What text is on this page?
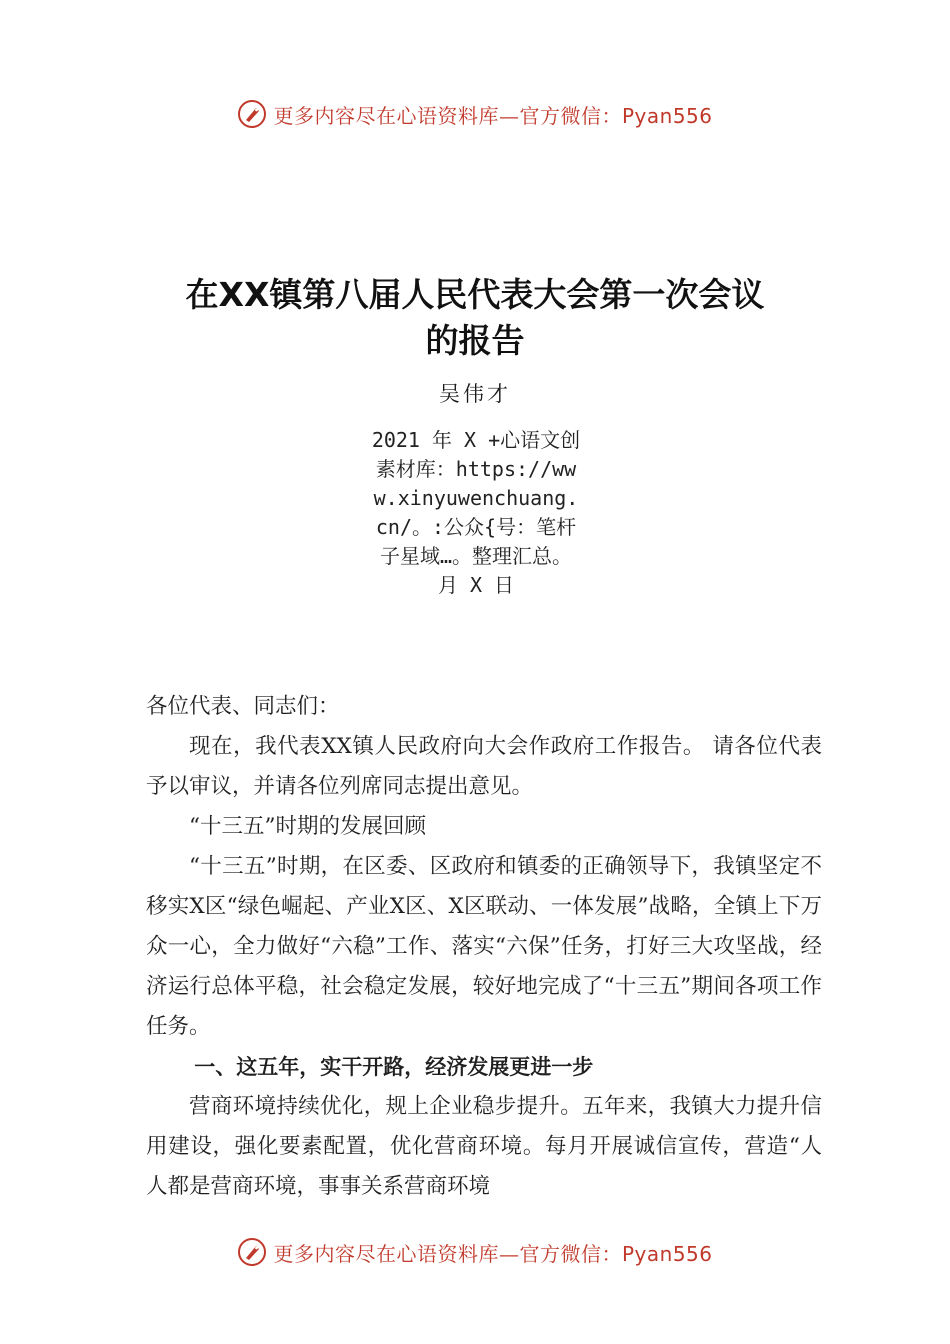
更多内容尽在心语资料库—官方微信：Pyan556
在XX镇第八届人民代表大会第一次会议
的报告
吴伟才
2021 年 X +心语文创素材库：https://www.xinyuwenchuang.cn/。:公众{号：笔杆子星域…。整理汇总。月 X 日

各位代表、同志们：

现在，我代表XX镇人民政府向大会作政府工作报告。 请各位代表予以审议，并请各位列席同志提出意见。

“十三五”时期的发展回顾

“十三五”时期，在区委、区政府和镇委的正确领导下，我镇坚定不移实X区“绿色崛起、产业X区、X区联动、一体发展”战略，全镇上下万众一心，全力做好“六稳”工作、落实“六保”任务，打好三大攻坚战，经济运行总体平稳，社会稳定发展，较好地完成了“十三五”期间各项工作任务。

一、这五年，实干开路，经济发展更进一步

营商环境持续优化，规上企业稳步提升。五年来，我镇大力提升信用建设，强化要素配置，优化营商环境。每月开展诚信宣传，营造“人人都是营商环境，事事关系营商环境

更多内容尽在心语资料库—官方微信：Pyan556
